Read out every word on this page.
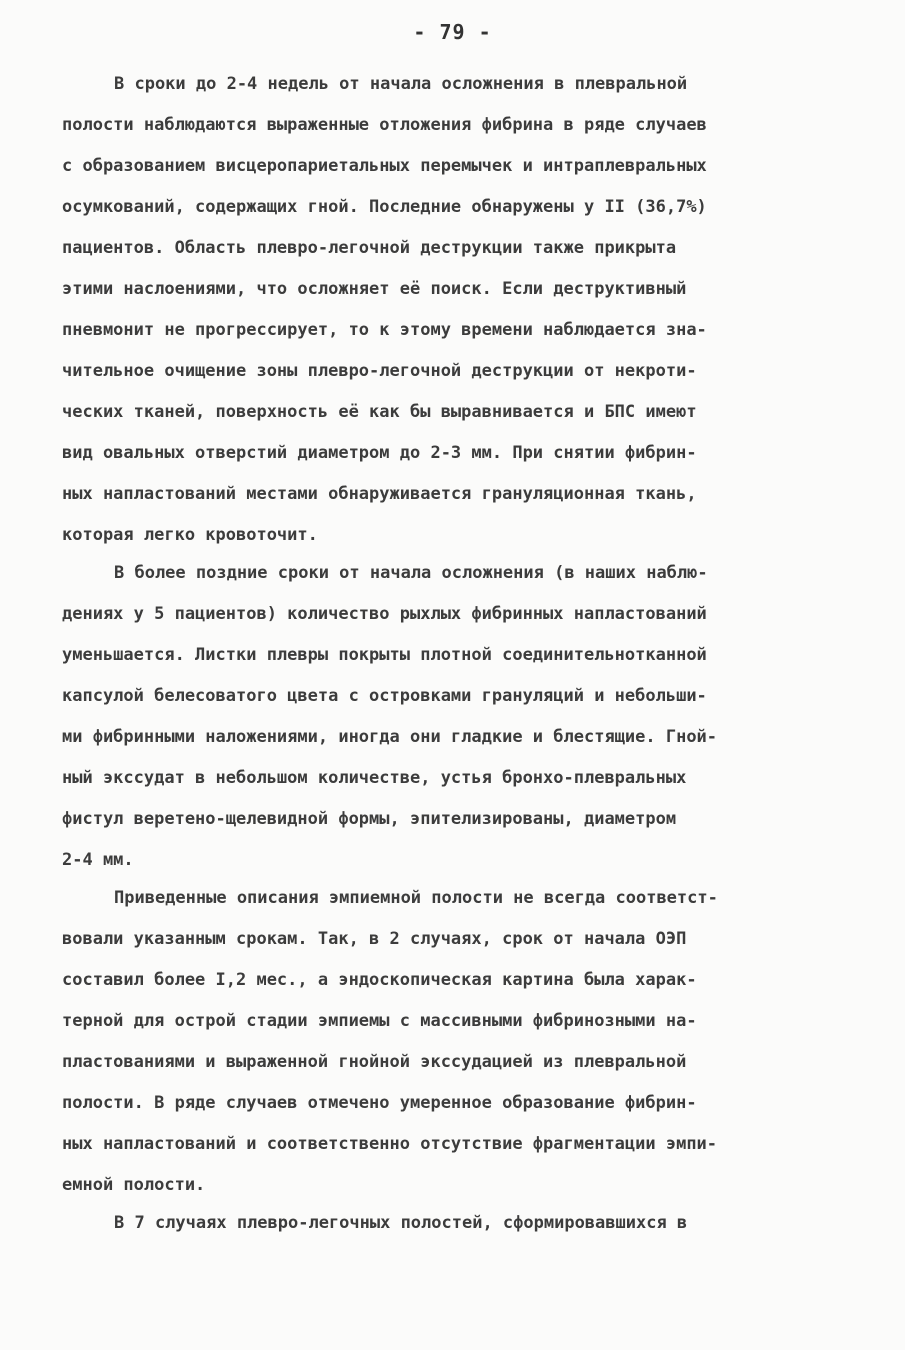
- 79 -
В сроки до 2-4 недель от начала осложнения в плевральной
полости наблюдаются выраженные отложения фибрина в ряде случаев
с образованием висцеропариетальных перемычек и интраплевральных
осумкований, содержащих гной. Последние обнаружены у II (36,7%)
пациентов. Область плевро-легочной деструкции также прикрыта
этими наслоениями, что осложняет её поиск. Если деструктивный
пневмонит не прогрессирует, то к этому времени наблюдается зна-
чительное очищение зоны плевро-легочной деструкции от некроти-
ческих тканей, поверхность её как бы выравнивается и БПС имеют
вид овальных отверстий диаметром до 2-3 мм. При снятии фибрин-
ных напластований местами обнаруживается грануляционная ткань,
которая легко кровоточит.
В более поздние сроки от начала осложнения (в наших наблю-
дениях у 5 пациентов) количество рыхлых фибринных напластований
уменьшается. Листки плевры покрыты плотной соединительнотканной
капсулой белесоватого цвета с островками грануляций и небольши-
ми фибринными наложениями, иногда они гладкие и блестящие. Гной-
ный экссудат в небольшом количестве, устья бронхо-плевральных
фистул веретено-щелевидной формы, эпителизированы, диаметром
2-4 мм.
Приведенные описания эмпиемной полости не всегда соответст-
вовали указанным срокам. Так, в 2 случаях, срок от начала ОЭП
составил более I,2 мес., а эндоскопическая картина была харак-
терной для острой стадии эмпиемы с массивными фибринозными на-
пластованиями и выраженной гнойной экссудацией из плевральной
полости. В ряде случаев отмечено умеренное образование фибрин-
ных напластований и соответственно отсутствие фрагментации эмпи-
емной полости.
В 7 случаях плевро-легочных полостей, сформировавшихся в
